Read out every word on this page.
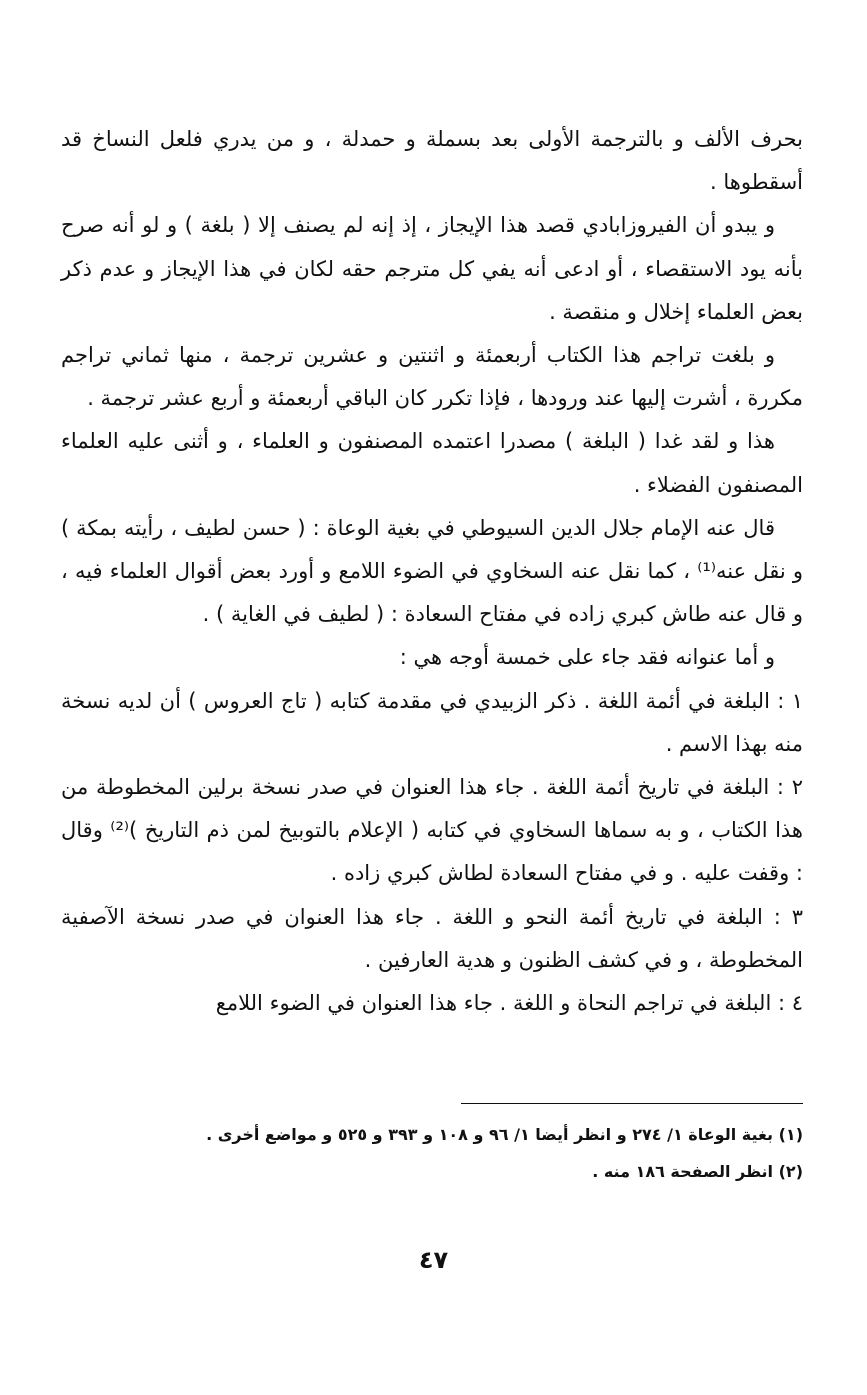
بحرف الألف و بالترجمة الأولى بعد بسملة و حمدلة ، و من يدري فلعل النساخ قد أسقطوها .

و يبدو أن الفيروزابادي قصد هذا الإيجاز ، إذ إنه لم يصنف إلا ( بلغة ) و لو أنه صرح بأنه يود الاستقصاء ، أو ادعى أنه يفي كل مترجم حقه لكان في هذا الإيجاز و عدم ذكر بعض العلماء إخلال و منقصة .

و بلغت تراجم هذا الكتاب أربعمئة و اثنتين و عشرين ترجمة ، منها ثماني تراجم مكررة ، أشرت إليها عند ورودها ، فإذا تكرر كان الباقي أربعمئة و أربع عشر ترجمة .

هذا و لقد غدا ( البلغة ) مصدرا اعتمده المصنفون و العلماء ، و أثنى عليه العلماء المصنفون الفضلاء .

قال عنه الإمام جلال الدين السيوطي في بغية الوعاة : ( حسن لطيف ، رأيته بمكة ) و نقل عنه⁽¹⁾ ، كما نقل عنه السخاوي في الضوء اللامع و أورد بعض أقوال العلماء فيه ، و قال عنه طاش كبري زاده في مفتاح السعادة : ( لطيف في الغاية ) .

و أما عنوانه فقد جاء على خمسة أوجه هي :

١ : البلغة في أئمة اللغة . ذكر الزبيدي في مقدمة كتابه ( تاج العروس ) أن لديه نسخة منه بهذا الاسم .

٢ : البلغة في تاريخ أئمة اللغة . جاء هذا العنوان في صدر نسخة برلين المخطوطة من هذا الكتاب ، و به سماها السخاوي في كتابه ( الإعلام بالتوبيخ لمن ذم التاريخ )⁽²⁾ وقال : وقفت عليه . و في مفتاح السعادة لطاش كبري زاده .

٣ : البلغة في تاريخ أئمة النحو و اللغة . جاء هذا العنوان في صدر نسخة الآصفية المخطوطة ، و في كشف الظنون و هدية العارفين .

٤ : البلغة في تراجم النحاة و اللغة . جاء هذا العنوان في الضوء اللامع

(١) بغية الوعاة ١/ ٢٧٤ و انظر أيضا ١/ ٩٦ و ١٠٨ و ٣٩٣ و ٥٢٥ و مواضع أخرى .

(٢) انظر الصفحة ١٨٦ منه .

٤٧
